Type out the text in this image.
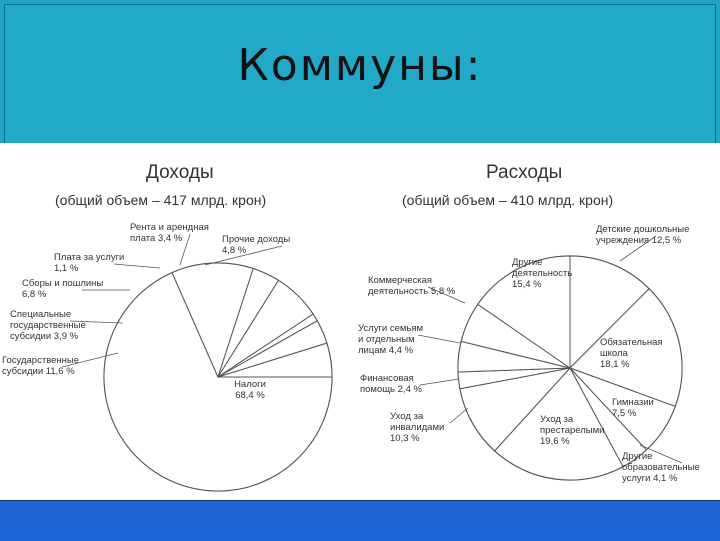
Коммуны:
Доходы
(общий объем – 417 млрд. крон)
Налоги 68,4 %
Государственные субсидии 11,6 %
Специальные государственные субсидии 3,9 %
Сборы и пошлины 6,8 %
Плата за услуги 1,1 %
Рента и арендная плата 3,4 %	Прочие доходы 4,8 %
Расходы
(общий объем – 410 млрд. крон)
Детские дошкольные учреждения 12,5 %
Обязательная школа 18,1 %
Гимназии 7,5 %
Другие образовательные услуги 4,1 %
Уход за престарелыми 19,6 %
Уход за инвалидами 10,3 %
Финансовая помощь 2,4 %
Услуги семьям и отдельным лицам 4,4 %
Коммерческая деятельность 5,8 %
Другие деятельность 15,4 %
